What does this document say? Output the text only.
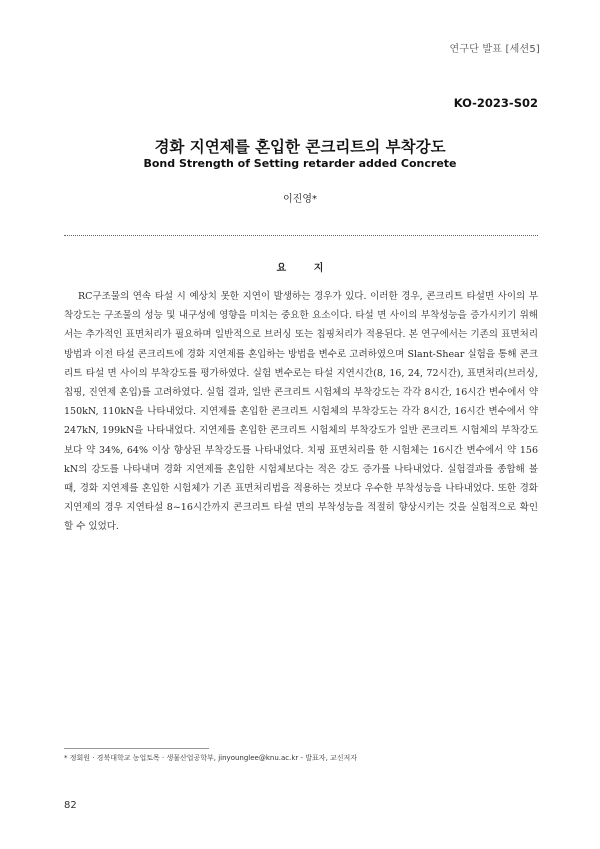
연구단 발표 [세션5]
KO-2023-S02
경화 지연제를 혼입한 콘크리트의 부착강도
Bond Strength of Setting retarder added Concrete
이진영*
요 지

RC구조물의 연속 타설 시 예상치 못한 지연이 발생하는 경우가 있다. 이러한 경우, 콘크리트 타설면 사이의 부착강도는 구조물의 성능 및 내구성에 영향을 미치는 중요한 요소이다. 타설 면 사이의 부착성능을 증가시키기 위해서는 추가적인 표면처리가 필요하며 일반적으로 브러싱 또는 칩핑처리가 적용된다. 본 연구에서는 기존의 표면처리 방법과 이전 타설 콘크리트에 경화 지연제를 혼입하는 방법을 변수로 고려하였으며 Slant-Shear 실험을 통해 콘크리트 타설 면 사이의 부착강도를 평가하였다. 실험 변수로는 타설 지연시간(8, 16, 24, 72시간), 표면처리(브러싱, 칩핑, 진연제 혼입)를 고려하였다. 실험 결과, 일반 콘크리트 시험체의 부착강도는 각각 8시간, 16시간 변수에서 약 150kN, 110kN을 나타내었다. 지연제를 혼입한 콘크리트 시험체의 부착강도는 각각 8시간, 16시간 변수에서 약 247kN, 199kN을 나타내었다. 지연제를 혼입한 콘크리트 시험체의 부착강도가 일반 콘크리트 시험체의 부착강도보다 약 34%, 64% 이상 향상된 부착강도를 나타내었다. 치핑 표면처리를 한 시험체는 16시간 변수에서 약 156 kN의 강도를 나타내며 경화 지연제를 혼입한 시험체보다는 적은 강도 증가를 나타내었다. 실험결과를 종합해 볼 때, 경화 지연제를 혼입한 시험체가 기존 표면처리법을 적용하는 것보다 우수한 부착성능을 나타내었다. 또한 경화 지연제의 경우 지연타설 8~16시간까지 콘크리트 타설 면의 부착성능을 적절히 향상시키는 것을 실험적으로 확인할 수 있었다.

* 정회원 · 경북대학교 농업토목 · 생물산업공학부, jinyounglee@knu.ac.kr - 발표자, 교신저자
82
